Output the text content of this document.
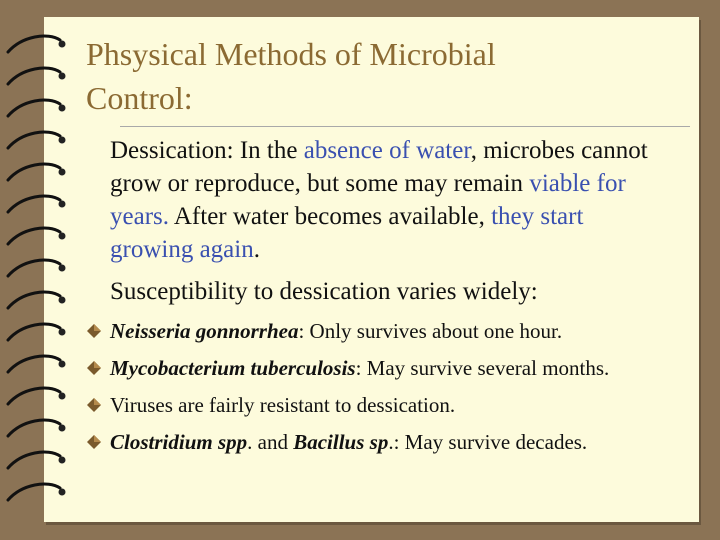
Phsysical Methods of Microbial
Control:
Dessication: In the absence of water, microbes cannot grow or reproduce, but some may remain viable for years. After water becomes available, they start growing again.
Susceptibility to dessication varies widely:
Neisseria gonnorrhea: Only survives about one hour.
Mycobacterium tuberculosis: May survive several months.
Viruses are fairly resistant to dessication.
Clostridium spp. and Bacillus sp.: May survive decades.
